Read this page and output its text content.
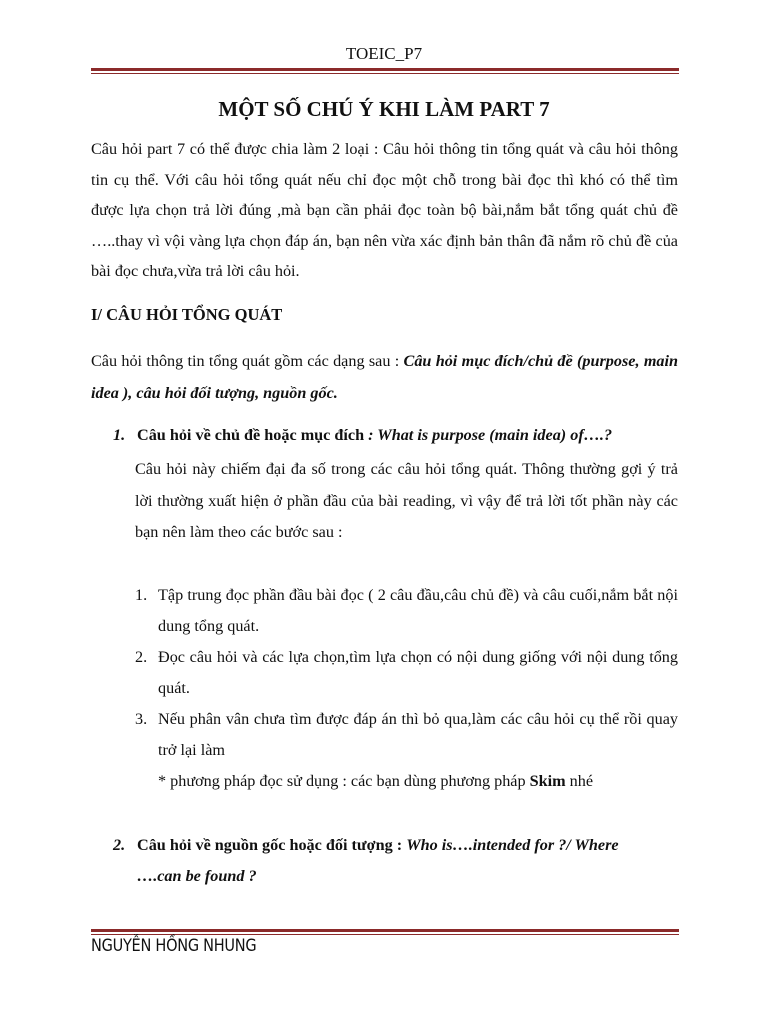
TOEIC_P7
MỘT SỐ CHÚ Ý KHI LÀM PART 7
Câu hỏi part 7 có thể được chia làm 2 loại : Câu hỏi thông tin tổng quát và câu hỏi thông tin cụ thể. Với câu hỏi tổng quát nếu chỉ đọc một chỗ trong bài đọc thì khó có thể tìm được lựa chọn trả lời đúng ,mà bạn cần phải đọc toàn bộ bài,nắm bắt tổng quát chủ đề …..thay vì vội vàng lựa chọn đáp án, bạn nên vừa xác định bản thân đã nắm rõ chủ đề của bài đọc chưa,vừa trả lời câu hỏi.
I/ CÂU HỎI TỔNG QUÁT
Câu hỏi thông tin tổng quát gồm các dạng sau : Câu hỏi mục đích/chủ đề (purpose, main idea ), câu hỏi đối tượng, nguồn gốc.
1. Câu hỏi về chủ đề hoặc mục đích : What is purpose (main idea) of….?
Câu hỏi này chiếm đại đa số trong các câu hỏi tổng quát. Thông thường gợi ý trả lời thường xuất hiện ở phần đầu của bài reading, vì vậy để trả lời tốt phần này các bạn nên làm theo các bước sau :
1. Tập trung đọc phần đầu bài đọc ( 2 câu đầu,câu chủ đề) và câu cuối,nắm bắt nội dung tổng quát.
2. Đọc câu hỏi và các lựa chọn,tìm lựa chọn có nội dung giống với nội dung tổng quát.
3. Nếu phân vân chưa tìm được đáp án thì bỏ qua,làm các câu hỏi cụ thể rồi quay trở lại làm
* phương pháp đọc sử dụng : các bạn dùng phương pháp Skim nhé
2. Câu hỏi về nguồn gốc hoặc đối tượng : Who is….intended for ?/ Where
….can be found ?
NGUYỄN HỒNG NHUNG
